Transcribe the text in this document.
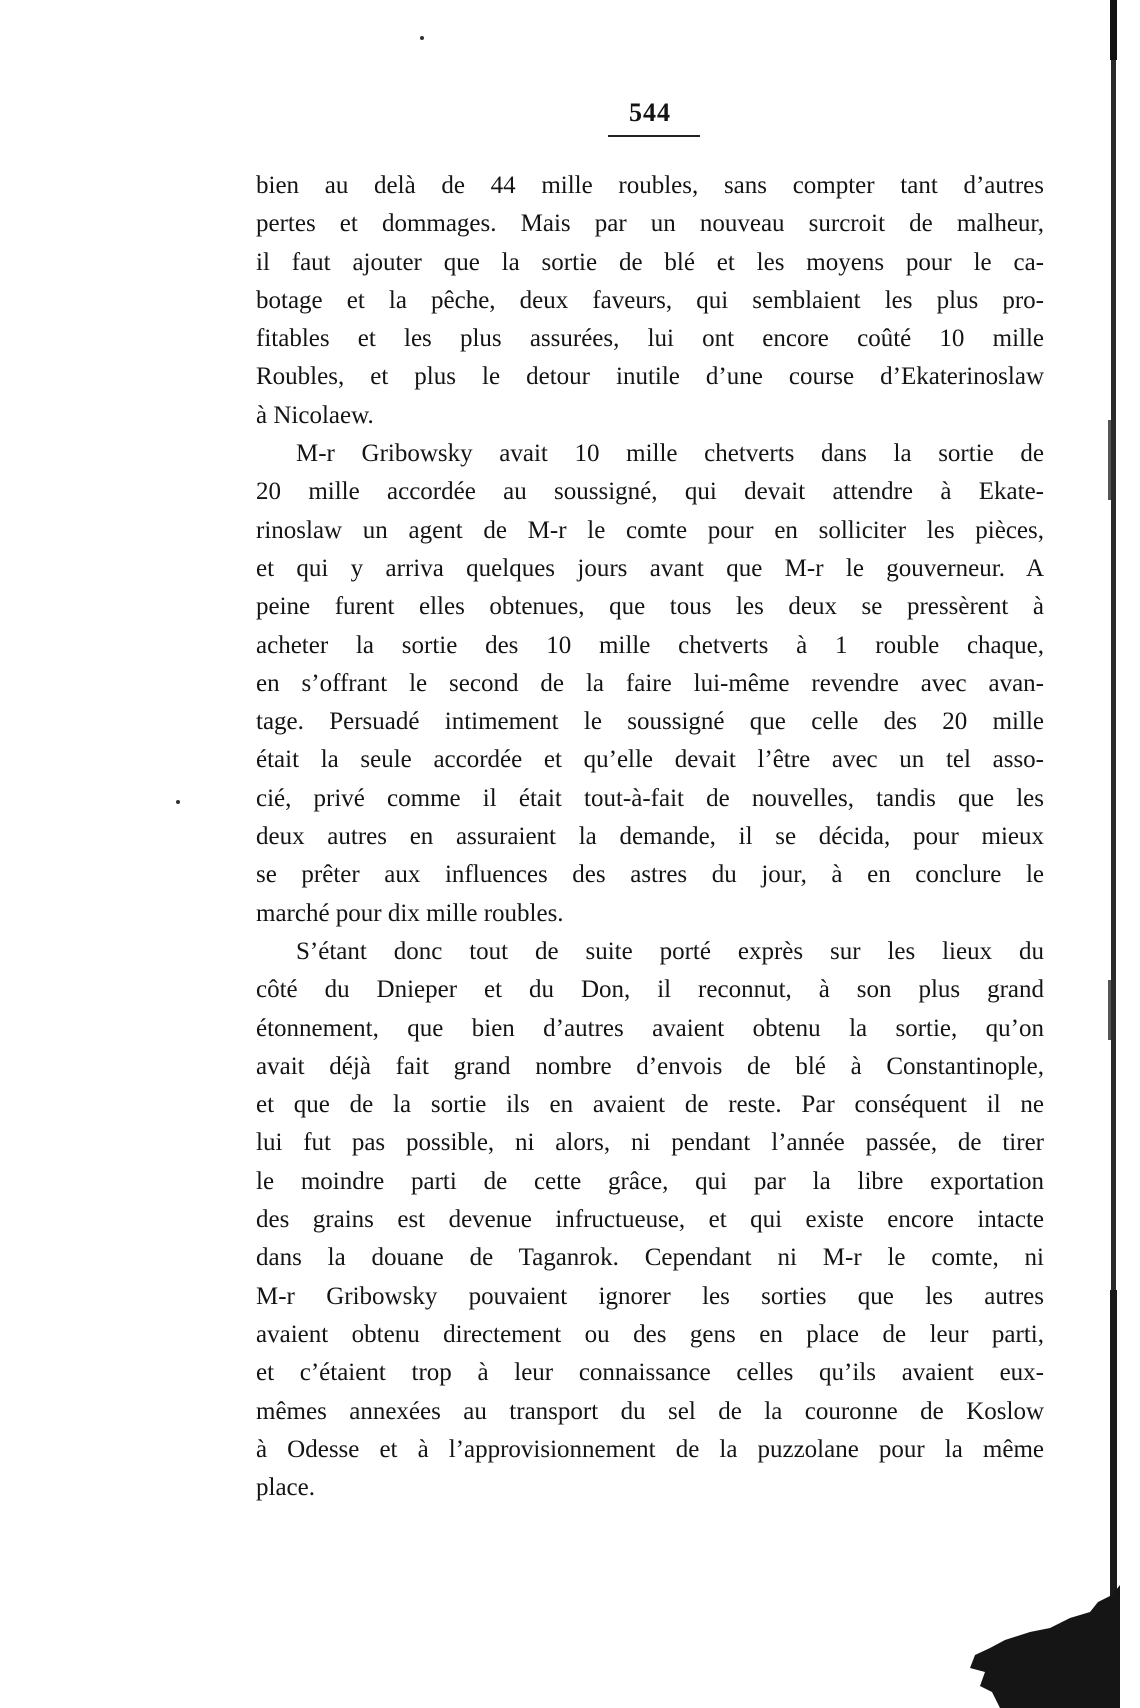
544
bien au delà de 44 mille roubles, sans compter tant d’autres
pertes et dommages. Mais par un nouveau surcroit de malheur,
il faut ajouter que la sortie de blé et les moyens pour le ca-
botage et la pêche, deux faveurs, qui semblaient les plus pro-
fitables et les plus assurées, lui ont encore coûté 10 mille
Roubles, et plus le detour inutile d’une course d’Ekaterinoslaw
à Nicolaew.
M-r Gribowsky avait 10 mille chetverts dans la sortie de
20 mille accordée au soussigné, qui devait attendre à Ekate-
rinoslaw un agent de M-r le comte pour en solliciter les pièces,
et qui y arriva quelques jours avant que M-r le gouverneur. A
peine furent elles obtenues, que tous les deux se pressèrent à
acheter la sortie des 10 mille chetverts à 1 rouble chaque,
en s’offrant le second de la faire lui-même revendre avec avan-
tage. Persuadé intimement le soussigné que celle des 20 mille
était la seule accordée et qu’elle devait l’être avec un tel asso-
cié, privé comme il était tout-à-fait de nouvelles, tandis que les
deux autres en assuraient la demande, il se décida, pour mieux
se prêter aux influences des astres du jour, à en conclure le
marché pour dix mille roubles.
S’étant donc tout de suite porté exprès sur les lieux du
côté du Dnieper et du Don, il reconnut, à son plus grand
étonnement, que bien d’autres avaient obtenu la sortie, qu’on
avait déjà fait grand nombre d’envois de blé à Constantinople,
et que de la sortie ils en avaient de reste. Par conséquent il ne
lui fut pas possible, ni alors, ni pendant l’année passée, de tirer
le moindre parti de cette grâce, qui par la libre exportation
des grains est devenue infructueuse, et qui existe encore intacte
dans la douane de Taganrok. Cependant ni M-r le comte, ni
M-r Gribowsky pouvaient ignorer les sorties que les autres
avaient obtenu directement ou des gens en place de leur parti,
et c’étaient trop à leur connaissance celles qu’ils avaient eux-
mêmes annexées au transport du sel de la couronne de Koslow
à Odesse et à l’approvisionnement de la puzzolane pour la même
place.
